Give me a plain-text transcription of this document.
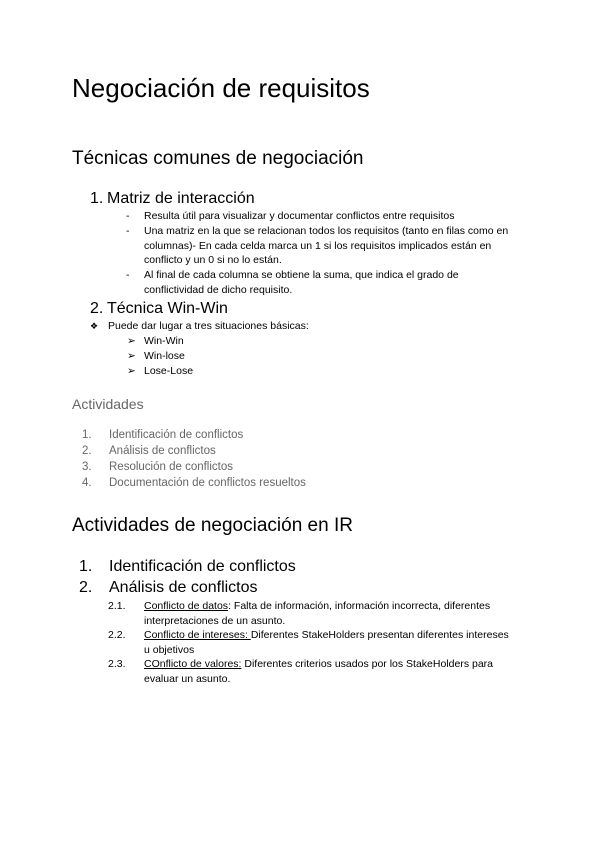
Negociación de requisitos
Técnicas comunes de negociación
1. Matriz de interacción
- Resulta útil para visualizar y documentar conflictos entre requisitos
- Una matriz en la que se relacionan todos los requisitos (tanto en filas como en columnas)- En cada celda marca un 1 si los requisitos implicados están en conflicto y un 0 si no lo están.
- Al final de cada columna se obtiene la suma, que indica el grado de conflictividad de dicho requisito.
2. Técnica Win-Win
❖ Puede dar lugar a tres situaciones básicas:
➢ Win-Win
➢ Win-lose
➢ Lose-Lose
Actividades
1. Identificación de conflictos
2. Análisis de conflictos
3. Resolución de conflictos
4. Documentación de conflictos resueltos
Actividades de negociación en IR
1. Identificación de conflictos
2. Análisis de conflictos
2.1. Conflicto de datos: Falta de información, información incorrecta, diferentes interpretaciones de un asunto.
2.2. Conflicto de intereses: Diferentes StakeHolders presentan diferentes intereses u objetivos
2.3. COnflicto de valores: Diferentes criterios usados por los StakeHolders para evaluar un asunto.
